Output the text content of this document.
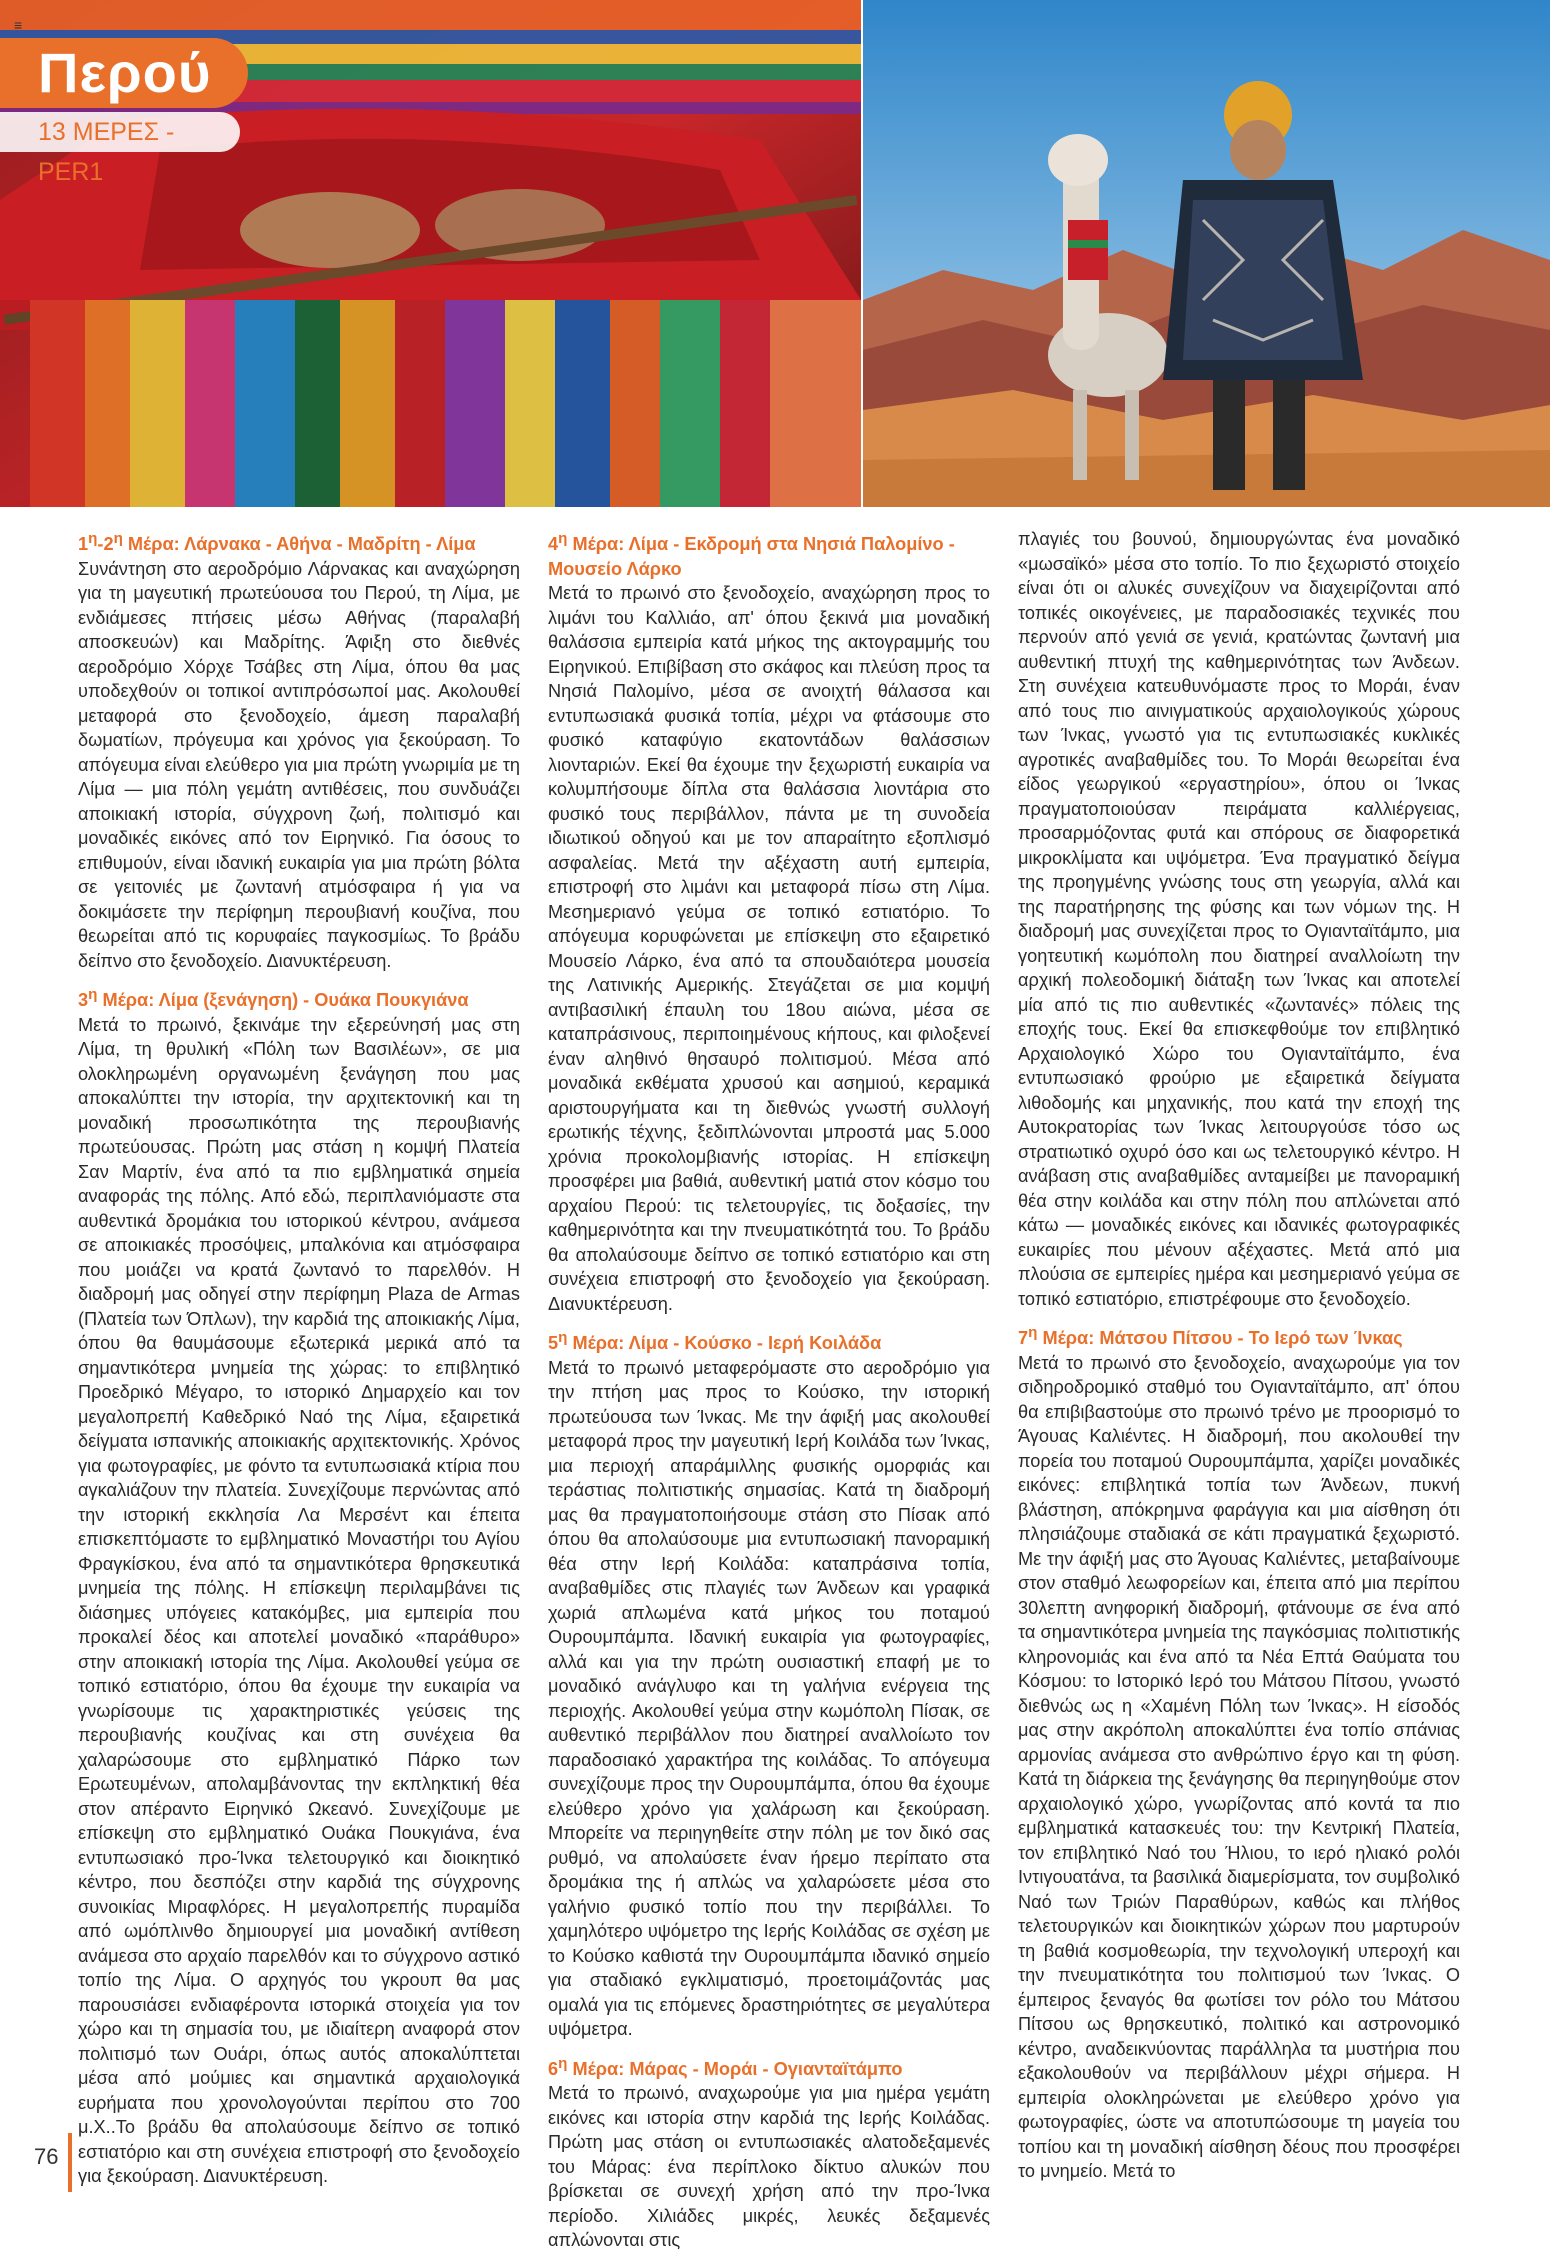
≡
Περού
13 ΜΕΡΕΣ - PER1
$1^\eta-2^\eta$ Μέρα: Λάρνακα - Αθήνα - Μαδρίτη - Λίμα

Συνάντηση στο αεροδρόμιο Λάρνακας και αναχώρηση για τη μαγευτική πρωτεύουσα του Περού, τη Λίμα, με ενδιάμεσες πτήσεις μέσω Αθήνας (παραλαβή αποσκευών) και Μαδρίτης. Άφιξη στο διεθνές αεροδρόμιο Χόρχε Τσάβες στη Λίμα, όπου θα μας υποδεχθούν οι τοπικοί αντιπρόσωποί μας. Ακολουθεί μεταφορά στο ξενοδοχείο, άμεση παραλαβή δωματίων, πρόγευμα και χρόνος για ξεκούραση. Το απόγευμα είναι ελεύθερο για μια πρώτη γνωριμία με τη Λίμα — μια πόλη γεμάτη αντιθέσεις, που συνδυάζει αποικιακή ιστορία, σύγχρονη ζωή, πολιτισμό και μοναδικές εικόνες από τον Ειρηνικό. Για όσους το επιθυμούν, είναι ιδανική ευκαιρία για μια πρώτη βόλτα σε γειτονιές με ζωντανή ατμόσφαιρα ή για να δοκιμάσετε την περίφημη περουβιανή κουζίνα, που θεωρείται από τις κορυφαίες παγκοσμίως. Το βράδυ δείπνο στο ξενοδοχείο. Διανυκτέρευση.

$3^\eta$ Μέρα: Λίμα (ξενάγηση) - Ουάκα Πουκγιάνα

Μετά το πρωινό, ξεκινάμε την εξερεύνησή μας στη Λίμα, τη θρυλική «Πόλη των Βασιλέων», σε μια ολοκληρωμένη οργανωμένη ξενάγηση που μας αποκαλύπτει την ιστορία, την αρχιτεκτονική και τη μοναδική προσωπικότητα της περουβιανής πρωτεύουσας. Πρώτη μας στάση η κομψή Πλατεία Σαν Μαρτίν, ένα από τα πιο εμβληματικά σημεία αναφοράς της πόλης. Από εδώ, περιπλανιόμαστε στα αυθεντικά δρομάκια του ιστορικού κέντρου, ανάμεσα σε αποικιακές προσόψεις, μπαλκόνια και ατμόσφαιρα που μοιάζει να κρατά ζωντανό το παρελθόν. Η διαδρομή μας οδηγεί στην περίφημη Plaza de Armas (Πλατεία των Όπλων), την καρδιά της αποικιακής Λίμα, όπου θα θαυμάσουμε εξωτερικά μερικά από τα σημαντικότερα μνημεία της χώρας: το επιβλητικό Προεδρικό Μέγαρο, το ιστορικό Δημαρχείο και τον μεγαλοπρεπή Καθεδρικό Ναό της Λίμα, εξαιρετικά δείγματα ισπανικής αποικιακής αρχιτεκτονικής. Χρόνος για φωτογραφίες, με φόντο τα εντυπωσιακά κτίρια που αγκαλιάζουν την πλατεία. Συνεχίζουμε περνώντας από την ιστορική εκκλησία Λα Μερσέντ και έπειτα επισκεπτόμαστε το εμβληματικό Μοναστήρι του Αγίου Φραγκίσκου, ένα από τα σημαντικότερα θρησκευτικά μνημεία της πόλης. Η επίσκεψη περιλαμβάνει τις διάσημες υπόγειες κατακόμβες, μια εμπειρία που προκαλεί δέος και αποτελεί μοναδικό «παράθυρο» στην αποικιακή ιστορία της Λίμα. Ακολουθεί γεύμα σε τοπικό εστιατόριο, όπου θα έχουμε την ευκαιρία να γνωρίσουμε τις χαρακτηριστικές γεύσεις της περουβιανής κουζίνας και στη συνέχεια θα χαλαρώσουμε στο εμβληματικό Πάρκο των Ερωτευμένων, απολαμβάνοντας την εκπληκτική θέα στον απέραντο Ειρηνικό Ωκεανό. Συνεχίζουμε με επίσκεψη στο εμβληματικό Ουάκα Πουκγιάνα, ένα εντυπωσιακό προ-Ίνκα τελετουργικό και διοικητικό κέντρο, που δεσπόζει στην καρδιά της σύγχρονης συνοικίας Μιραφλόρες. Η μεγαλοπρεπής πυραμίδα από ωμόπλινθο δημιουργεί μια μοναδική αντίθεση ανάμεσα στο αρχαίο παρελθόν και το σύγχρονο αστικό τοπίο της Λίμα. Ο αρχηγός του γκρουπ θα μας παρουσιάσει ενδιαφέροντα ιστορικά στοιχεία για τον χώρο και τη σημασία του, με ιδιαίτερη αναφορά στον πολιτισμό των Ουάρι, όπως αυτός αποκαλύπτεται μέσα από μούμιες και σημαντικά αρχαιολογικά ευρήματα που χρονολογούνται περίπου στο 700 μ.Χ..Το βράδυ θα απολαύσουμε δείπνο σε τοπικό εστιατόριο και στη συνέχεια επιστροφή στο ξενοδοχείο για ξεκούραση. Διανυκτέρευση.

$4^\eta$ Μέρα: Λίμα - Εκδρομή στα Νησιά Παλομίνο - Μουσείο Λάρκο

Μετά το πρωινό στο ξενοδοχείο, αναχώρηση προς το λιμάνι του Καλλιάο, απ' όπου ξεκινά μια μοναδική θαλάσσια εμπειρία κατά μήκος της ακτογραμμής του Ειρηνικού. Επιβίβαση στο σκάφος και πλεύση προς τα Νησιά Παλομίνο, μέσα σε ανοιχτή θάλασσα και εντυπωσιακά φυσικά τοπία, μέχρι να φτάσουμε στο φυσικό καταφύγιο εκατοντάδων θαλάσσιων λιονταριών. Εκεί θα έχουμε την ξεχωριστή ευκαιρία να κολυμπήσουμε δίπλα στα θαλάσσια λιοντάρια στο φυσικό τους περιβάλλον, πάντα με τη συνοδεία ιδιωτικού οδηγού και με τον απαραίτητο εξοπλισμό ασφαλείας. Μετά την αξέχαστη αυτή εμπειρία, επιστροφή στο λιμάνι και μεταφορά πίσω στη Λίμα. Μεσημεριανό γεύμα σε τοπικό εστιατόριο. Το απόγευμα κορυφώνεται με επίσκεψη στο εξαιρετικό Μουσείο Λάρκο, ένα από τα σπουδαιότερα μουσεία της Λατινικής Αμερικής. Στεγάζεται σε μια κομψή αντιβασιλική έπαυλη του 18ου αιώνα, μέσα σε καταπράσινους, περιποιημένους κήπους, και φιλοξενεί έναν αληθινό θησαυρό πολιτισμού. Μέσα από μοναδικά εκθέματα χρυσού και ασημιού, κεραμικά αριστουργήματα και τη διεθνώς γνωστή συλλογή ερωτικής τέχνης, ξεδιπλώνονται μπροστά μας 5.000 χρόνια προκολομβιανής ιστορίας. Η επίσκεψη προσφέρει μια βαθιά, αυθεντική ματιά στον κόσμο του αρχαίου Περού: τις τελετουργίες, τις δοξασίες, την καθημερινότητα και την πνευματικότητά του. Το βράδυ θα απολαύσουμε δείπνο σε τοπικό εστιατόριο και στη συνέχεια επιστροφή στο ξενοδοχείο για ξεκούραση. Διανυκτέρευση.

$5^\eta$ Μέρα: Λίμα - Κούσκο - Ιερή Κοιλάδα

Μετά το πρωινό μεταφερόμαστε στο αεροδρόμιο για την πτήση μας προς το Κούσκο, την ιστορική πρωτεύουσα των Ίνκας. Με την άφιξή μας ακολουθεί μεταφορά προς την μαγευτική Ιερή Κοιλάδα των Ίνκας, μια περιοχή απαράμιλλης φυσικής ομορφιάς και τεράστιας πολιτιστικής σημασίας. Κατά τη διαδρομή μας θα πραγματοποιήσουμε στάση στο Πίσακ από όπου θα απολαύσουμε μια εντυπωσιακή πανοραμική θέα στην Ιερή Κοιλάδα: καταπράσινα τοπία, αναβαθμίδες στις πλαγιές των Άνδεων και γραφικά χωριά απλωμένα κατά μήκος του ποταμού Ουρουμπάμπα. Ιδανική ευκαιρία για φωτογραφίες, αλλά και για την πρώτη ουσιαστική επαφή με το μοναδικό ανάγλυφο και τη γαλήνια ενέργεια της περιοχής. Ακολουθεί γεύμα στην κωμόπολη Πίσακ, σε αυθεντικό περιβάλλον που διατηρεί αναλλοίωτο τον παραδοσιακό χαρακτήρα της κοιλάδας. Το απόγευμα συνεχίζουμε προς την Ουρουμπάμπα, όπου θα έχουμε ελεύθερο χρόνο για χαλάρωση και ξεκούραση. Μπορείτε να περιηγηθείτε στην πόλη με τον δικό σας ρυθμό, να απολαύσετε έναν ήρεμο περίπατο στα δρομάκια της ή απλώς να χαλαρώσετε μέσα στο γαλήνιο φυσικό τοπίο που την περιβάλλει. Το χαμηλότερο υψόμετρο της Ιερής Κοιλάδας σε σχέση με το Κούσκο καθιστά την Ουρουμπάμπα ιδανικό σημείο για σταδιακό εγκλιματισμό, προετοιμάζοντάς μας ομαλά για τις επόμενες δραστηριότητες σε μεγαλύτερα υψόμετρα.

$6^\eta$ Μέρα: Μάρας - Μοράι - Ογιανταϊτάμπο

Μετά το πρωινό, αναχωρούμε για μια ημέρα γεμάτη εικόνες και ιστορία στην καρδιά της Ιερής Κοιλάδας. Πρώτη μας στάση οι εντυπωσιακές αλατοδεξαμενές του Μάρας: ένα περίπλοκο δίκτυο αλυκών που βρίσκεται σε συνεχή χρήση από την προ-Ίνκα περίοδο. Χιλιάδες μικρές, λευκές δεξαμενές απλώνονται στις

πλαγιές του βουνού, δημιουργώντας ένα μοναδικό «μωσαϊκό» μέσα στο τοπίο. Το πιο ξεχωριστό στοιχείο είναι ότι οι αλυκές συνεχίζουν να διαχειρίζονται από τοπικές οικογένειες, με παραδοσιακές τεχνικές που περνούν από γενιά σε γενιά, κρατώντας ζωντανή μια αυθεντική πτυχή της καθημερινότητας των Άνδεων. Στη συνέχεια κατευθυνόμαστε προς το Μοράι, έναν από τους πιο αινιγματικούς αρχαιολογικούς χώρους των Ίνκας, γνωστό για τις εντυπωσιακές κυκλικές αγροτικές αναβαθμίδες του. Το Μοράι θεωρείται ένα είδος γεωργικού «εργαστηρίου», όπου οι Ίνκας πραγματοποιούσαν πειράματα καλλιέργειας, προσαρμόζοντας φυτά και σπόρους σε διαφορετικά μικροκλίματα και υψόμετρα. Ένα πραγματικό δείγμα της προηγμένης γνώσης τους στη γεωργία, αλλά και της παρατήρησης της φύσης και των νόμων της. Η διαδρομή μας συνεχίζεται προς το Ογιανταϊτάμπο, μια γοητευτική κωμόπολη που διατηρεί αναλλοίωτη την αρχική πολεοδομική διάταξη των Ίνκας και αποτελεί μία από τις πιο αυθεντικές «ζωντανές» πόλεις της εποχής τους. Εκεί θα επισκεφθούμε τον επιβλητικό Αρχαιολογικό Χώρο του Ογιανταϊτάμπο, ένα εντυπωσιακό φρούριο με εξαιρετικά δείγματα λιθοδομής και μηχανικής, που κατά την εποχή της Αυτοκρατορίας των Ίνκας λειτουργούσε τόσο ως στρατιωτικό οχυρό όσο και ως τελετουργικό κέντρο. Η ανάβαση στις αναβαθμίδες ανταμείβει με πανοραμική θέα στην κοιλάδα και στην πόλη που απλώνεται από κάτω — μοναδικές εικόνες και ιδανικές φωτογραφικές ευκαιρίες που μένουν αξέχαστες. Μετά από μια πλούσια σε εμπειρίες ημέρα και μεσημεριανό γεύμα σε τοπικό εστιατόριο, επιστρέφουμε στο ξενοδοχείο.

$7^\eta$ Μέρα: Μάτσου Πίτσου - Το Ιερό των Ίνκας

Μετά το πρωινό στο ξενοδοχείο, αναχωρούμε για τον σιδηροδρομικό σταθμό του Ογιανταϊτάμπο, απ' όπου θα επιβιβαστούμε στο πρωινό τρένο με προορισμό το Άγουας Καλιέντες. Η διαδρομή, που ακολουθεί την πορεία του ποταμού Ουρουμπάμπα, χαρίζει μοναδικές εικόνες: επιβλητικά τοπία των Άνδεων, πυκνή βλάστηση, απόκρημνα φαράγγια και μια αίσθηση ότι πλησιάζουμε σταδιακά σε κάτι πραγματικά ξεχωριστό. Με την άφιξή μας στο Άγουας Καλιέντες, μεταβαίνουμε στον σταθμό λεωφορείων και, έπειτα από μια περίπου 30λεπτη ανηφορική διαδρομή, φτάνουμε σε ένα από τα σημαντικότερα μνημεία της παγκόσμιας πολιτιστικής κληρονομιάς και ένα από τα Νέα Επτά Θαύματα του Κόσμου: το Ιστορικό Ιερό του Μάτσου Πίτσου, γνωστό διεθνώς ως η «Χαμένη Πόλη των Ίνκας». Η είσοδός μας στην ακρόπολη αποκαλύπτει ένα τοπίο σπάνιας αρμονίας ανάμεσα στο ανθρώπινο έργο και τη φύση. Κατά τη διάρκεια της ξενάγησης θα περιηγηθούμε στον αρχαιολογικό χώρο, γνωρίζοντας από κοντά τα πιο εμβληματικά κατασκευές του: την Κεντρική Πλατεία, τον επιβλητικό Ναό του Ήλιου, το ιερό ηλιακό ρολόι Ιντιγουατάνα, τα βασιλικά διαμερίσματα, τον συμβολικό Ναό των Τριών Παραθύρων, καθώς και πλήθος τελετουργικών και διοικητικών χώρων που μαρτυρούν τη βαθιά κοσμοθεωρία, την τεχνολογική υπεροχή και την πνευματικότητα του πολιτισμού των Ίνκας. Ο έμπειρος ξεναγός θα φωτίσει τον ρόλο του Μάτσου Πίτσου ως θρησκευτικό, πολιτικό και αστρονομικό κέντρο, αναδεικνύοντας παράλληλα τα μυστήρια που εξακολουθούν να περιβάλλουν μέχρι σήμερα. Η εμπειρία ολοκληρώνεται με ελεύθερο χρόνο για φωτογραφίες, ώστε να αποτυπώσουμε τη μαγεία του τοπίου και τη μοναδική αίσθηση δέους που προσφέρει το μνημείο. Μετά το

76
